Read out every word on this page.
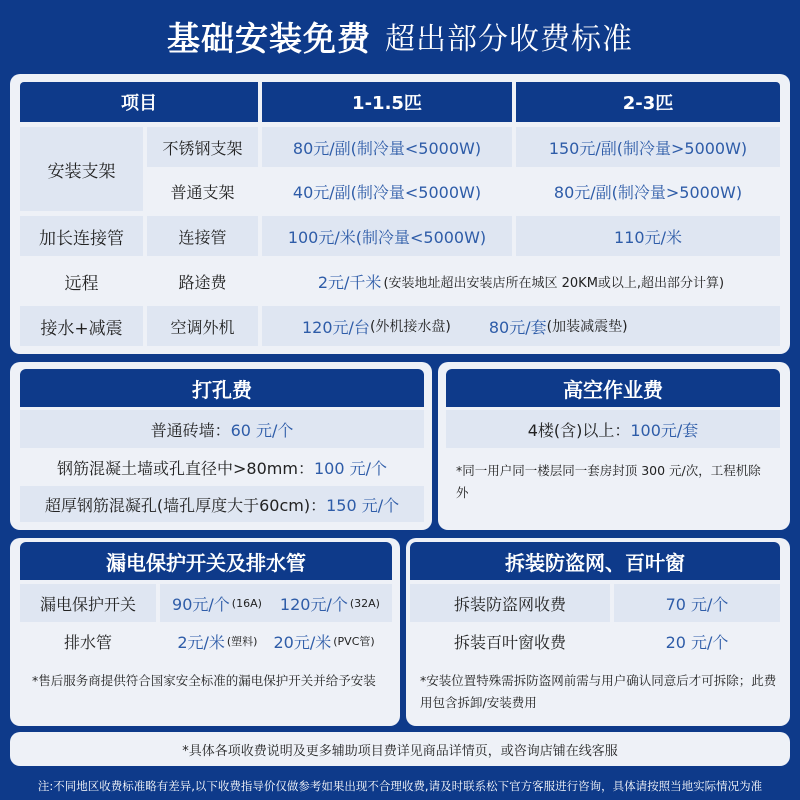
基础安装免费 超出部分收费标准
项目	1-1.5匹	2-3匹
安装支架
不锈钢支架	80元/副(制冷量<5000W)	150元/副(制冷量>5000W)
普通支架	40元/副(制冷量<5000W)	80元/副(制冷量>5000W)
加长连接管	连接管	100元/米(制冷量<5000W)	110元/米
远程	路途费	2元/千米 (安装地址超出安装店所在城区 20KM或以上,超出部分计算)
接水+减震	空调外机	120元/台 (外机接水盘) 80元/套 (加装减震垫)
打孔费
普通砖墙： 60 元/个
钢筋混凝土墙或孔直径中>80mm： 100 元/个
超厚钢筋混凝孔(墙孔厚度大于60cm)： 150 元/个
高空作业费
4楼(含)以上： 100元/套
*同一用户同一楼层同一套房封顶 300 元/次，工程机除外
漏电保护开关及排水管
漏电保护开关	90元/个 (16A) 120元/个 (32A)
排水管	2元/米 (塑料) 20元/米 (PVC管)
*售后服务商提供符合国家安全标准的漏电保护开关并给予安装
拆装防盗网、百叶窗
拆装防盗网收费	70 元/个
拆装百叶窗收费	20 元/个
*安装位置特殊需拆防盗网前需与用户确认同意后才可拆除；此费用包含拆卸/安装费用
*具体各项收费说明及更多辅助项目费详见商品详情页，或咨询店铺在线客服
注:不同地区收费标准略有差异,以下收费指导价仅做参考如果出现不合理收费,请及时联系松下官方客服进行咨询，具体请按照当地实际情况为准
